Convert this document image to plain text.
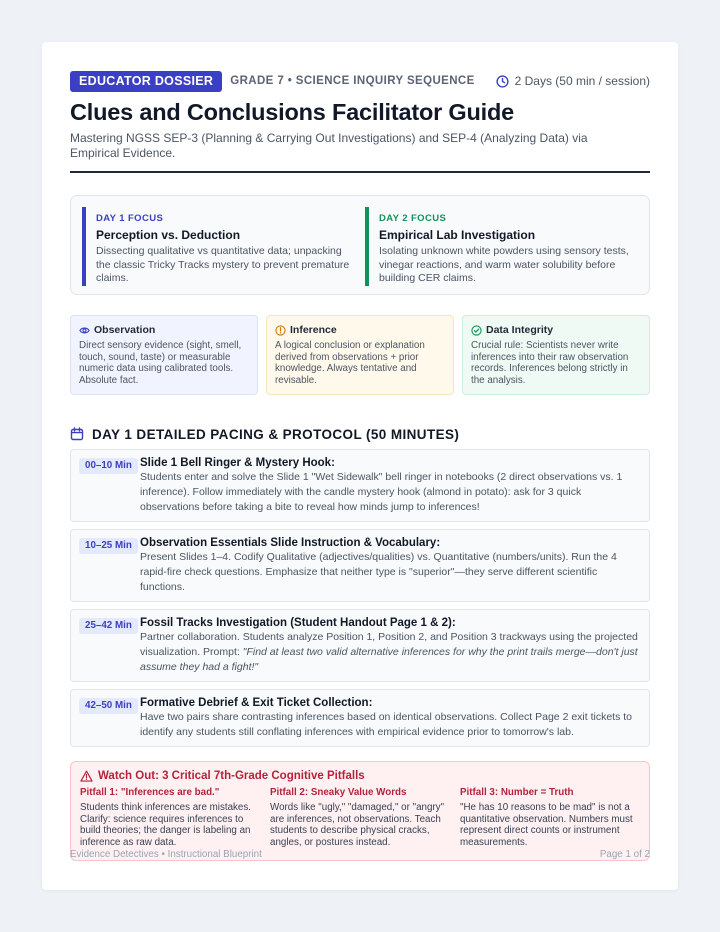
EDUCATOR DOSSIER	GRADE 7 • SCIENCE INQUIRY SEQUENCE	2 Days (50 min / session)
Clues and Conclusions Facilitator Guide

Mastering NGSS SEP-3 (Planning & Carrying Out Investigations) and SEP-4 (Analyzing Data) via Empirical Evidence.

DAY 1 FOCUS
Perception vs. Deduction
Dissecting qualitative vs quantitative data; unpacking the classic Tricky Tracks mystery to prevent premature claims.
DAY 2 FOCUS
Empirical Lab Investigation
Isolating unknown white powders using sensory tests, vinegar reactions, and warm water solubility before building CER claims.
Observation
Direct sensory evidence (sight, smell, touch, sound, taste) or measurable numeric data using calibrated tools. Absolute fact.
Inference
A logical conclusion or explanation derived from observations + prior knowledge. Always tentative and revisable.
Data Integrity
Crucial rule: Scientists never write inferences into their raw observation records. Inferences belong strictly in the analysis.
DAY 1 DETAILED PACING & PROTOCOL (50 MINUTES)
00–10 Min Slide 1 Bell Ringer & Mystery Hook:
Students enter and solve the Slide 1 "Wet Sidewalk" bell ringer in notebooks (2 direct observations vs. 1 inference). Follow immediately with the candle mystery hook (almond in potato): ask for 3 quick observations before taking a bite to reveal how minds jump to inferences!
10–25 Min Observation Essentials Slide Instruction & Vocabulary:
Present Slides 1–4. Codify Qualitative (adjectives/qualities) vs. Quantitative (numbers/units). Run the 4 rapid-fire check questions. Emphasize that neither type is "superior"—they serve different scientific functions.
25–42 Min Fossil Tracks Investigation (Student Handout Page 1 & 2):
Partner collaboration. Students analyze Position 1, Position 2, and Position 3 trackways using the projected visualization. Prompt: "Find at least two valid alternative inferences for why the print trails merge—don't just assume they had a fight!"
42–50 Min Formative Debrief & Exit Ticket Collection:
Have two pairs share contrasting inferences based on identical observations. Collect Page 2 exit tickets to identify any students still conflating inferences with empirical evidence prior to tomorrow's lab.
Watch Out: 3 Critical 7th-Grade Cognitive Pitfalls
Pitfall 1: "Inferences are bad."
Students think inferences are mistakes. Clarify: science requires inferences to build theories; the danger is labeling an inference as raw data.
Pitfall 2: Sneaky Value Words
Words like "ugly," "damaged," or "angry" are inferences, not observations. Teach students to describe physical cracks, angles, or postures instead.
Pitfall 3: Number = Truth
"He has 10 reasons to be mad" is not a quantitative observation. Numbers must represent direct counts or instrument measurements.
Evidence Detectives • Instructional Blueprint	Page 1 of 2
